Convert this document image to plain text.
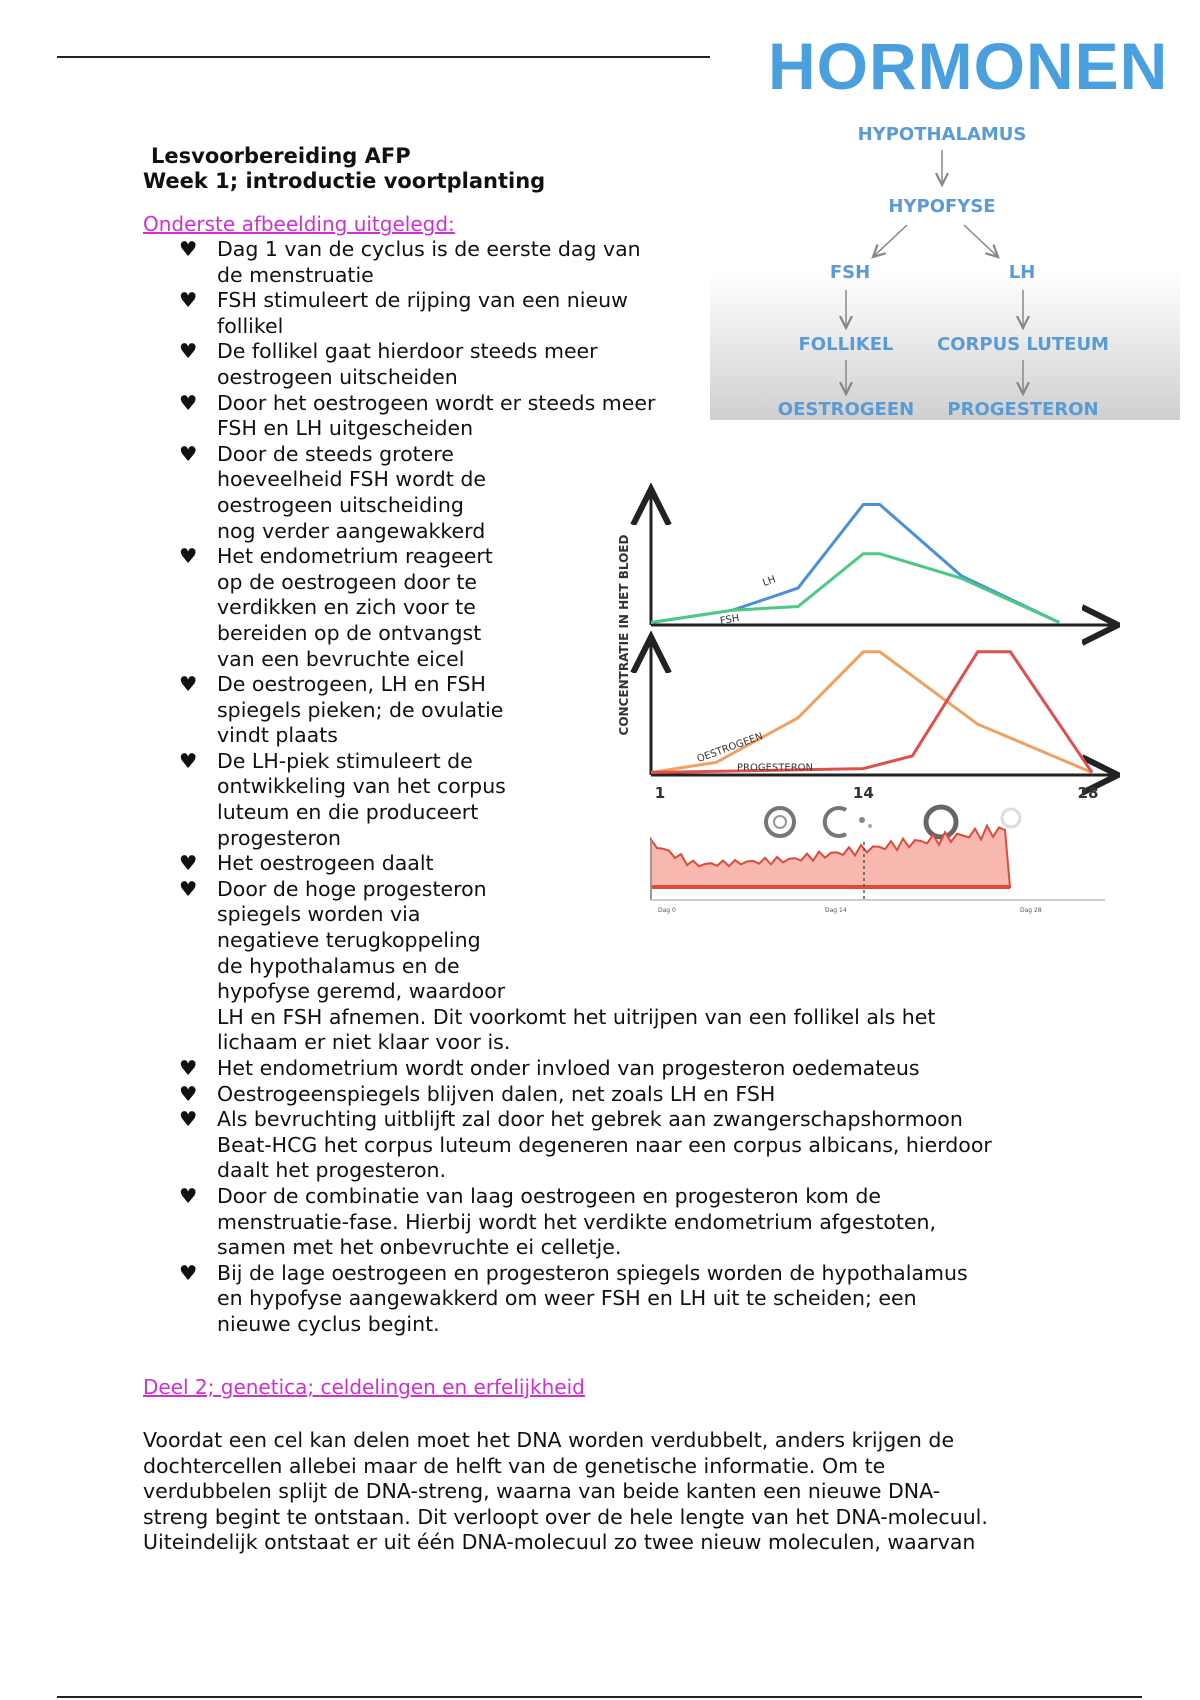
HORMONEN
HYPOTHALAMUS
HYPOFYSE
FSH	LH
FOLLIKEL CORPUS LUTEUM
OESTROGEEN PROGESTERON
Lesvoorbereiding AFP
Week 1; introductie voortplanting
Onderste afbeelding uitgelegd:
♥ Dag 1 van de cyclus is de eerste dag van
de menstruatie
♥ FSH stimuleert de rijping van een nieuw
follikel
♥ De follikel gaat hierdoor steeds meer
oestrogeen uitscheiden
♥ Door het oestrogeen wordt er steeds meer
FSH en LH uitgescheiden
♥ Door de steeds grotere
hoeveelheid FSH wordt de
oestrogeen uitscheiding
nog verder aangewakkerd
♥ Het endometrium reageert
op de oestrogeen door te
verdikken en zich voor te
bereiden op de ontvangst
van een bevruchte eicel
♥ De oestrogeen, LH en FSH
spiegels pieken; de ovulatie
vindt plaats
♥ De LH-piek stimuleert de
ontwikkeling van het corpus
luteum en die produceert
progesteron
♥ Het oestrogeen daalt
♥ Door de hoge progesteron
spiegels worden via
negatieve terugkoppeling
de hypothalamus en de
hypofyse geremd, waardoor
LH en FSH afnemen. Dit voorkomt het uitrijpen van een follikel als het
lichaam er niet klaar voor is.
♥ Het endometrium wordt onder invloed van progesteron oedemateus
♥ Oestrogeenspiegels blijven dalen, net zoals LH en FSH
♥ Als bevruchting uitblijft zal door het gebrek aan zwangerschapshormoon
Beat-HCG het corpus luteum degeneren naar een corpus albicans, hierdoor
daalt het progesteron.
♥ Door de combinatie van laag oestrogeen en progesteron kom de
menstruatie-fase. Hierbij wordt het verdikte endometrium afgestoten,
samen met het onbevruchte ei celletje.
♥ Bij de lage oestrogeen en progesteron spiegels worden de hypothalamus
en hypofyse aangewakkerd om weer FSH en LH uit te scheiden; een
nieuwe cyclus begint.
Deel 2; genetica; celdelingen en erfelijkheid
Voordat een cel kan delen moet het DNA worden verdubbelt, anders krijgen de
dochtercellen allebei maar de helft van de genetische informatie. Om te
verdubbelen splijt de DNA-streng, waarna van beide kanten een nieuwe DNA-
streng begint te ontstaan. Dit verloopt over de hele lengte van het DNA-molecuul.
Uiteindelijk ontstaat er uit één DNA-molecuul zo twee nieuw moleculen, waarvan
CONCENTRATIE IN HET BLOED	LH
FSH
OESTROGEEN
PROGESTERON
1	14	28
Dag 0	Dag 14	Dag 28
